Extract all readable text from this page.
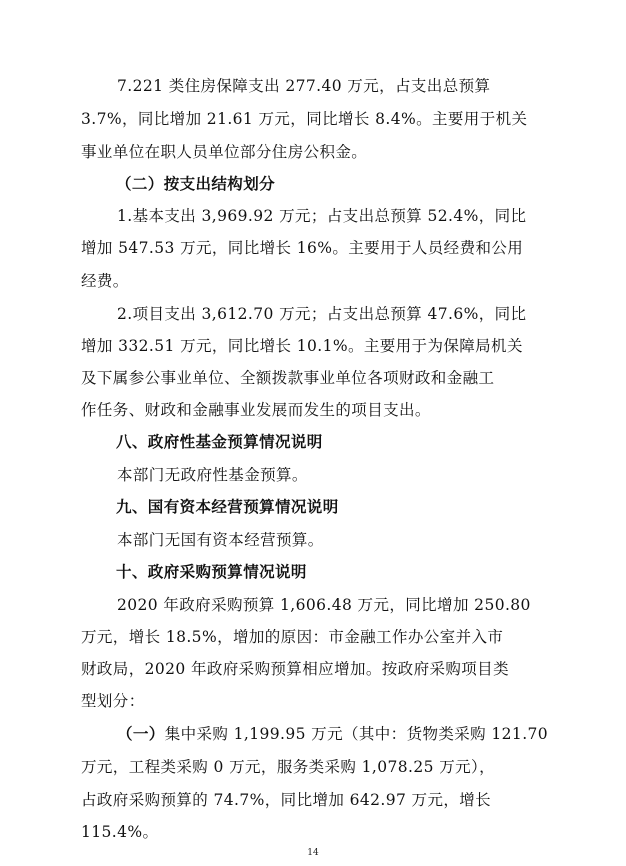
7.221 类住房保障支出 277.40 万元，占支出总预算
3.7%，同比增加 21.61 万元，同比增长 8.4%。主要用于机关
事业单位在职人员单位部分住房公积金。
（二）按支出结构划分
1.基本支出 3,969.92 万元；占支出总预算 52.4%，同比
增加 547.53 万元，同比增长 16%。主要用于人员经费和公用
经费。
2.项目支出 3,612.70 万元；占支出总预算 47.6%，同比
增加 332.51 万元，同比增长 10.1%。主要用于为保障局机关
及下属参公事业单位、全额拨款事业单位各项财政和金融工
作任务、财政和金融事业发展而发生的项目支出。
八、政府性基金预算情况说明
本部门无政府性基金预算。
九、国有资本经营预算情况说明
本部门无国有资本经营预算。
十、政府采购预算情况说明
2020 年政府采购预算 1,606.48 万元，同比增加 250.80
万元，增长 18.5%，增加的原因：市金融工作办公室并入市
财政局，2020 年政府采购预算相应增加。按政府采购项目类
型划分：
（一）集中采购 1,199.95 万元（其中：货物类采购 121.70
万元，工程类采购 0 万元，服务类采购 1,078.25 万元），
占政府采购预算的 74.7%，同比增加 642.97 万元，增长
115.4%。
14
